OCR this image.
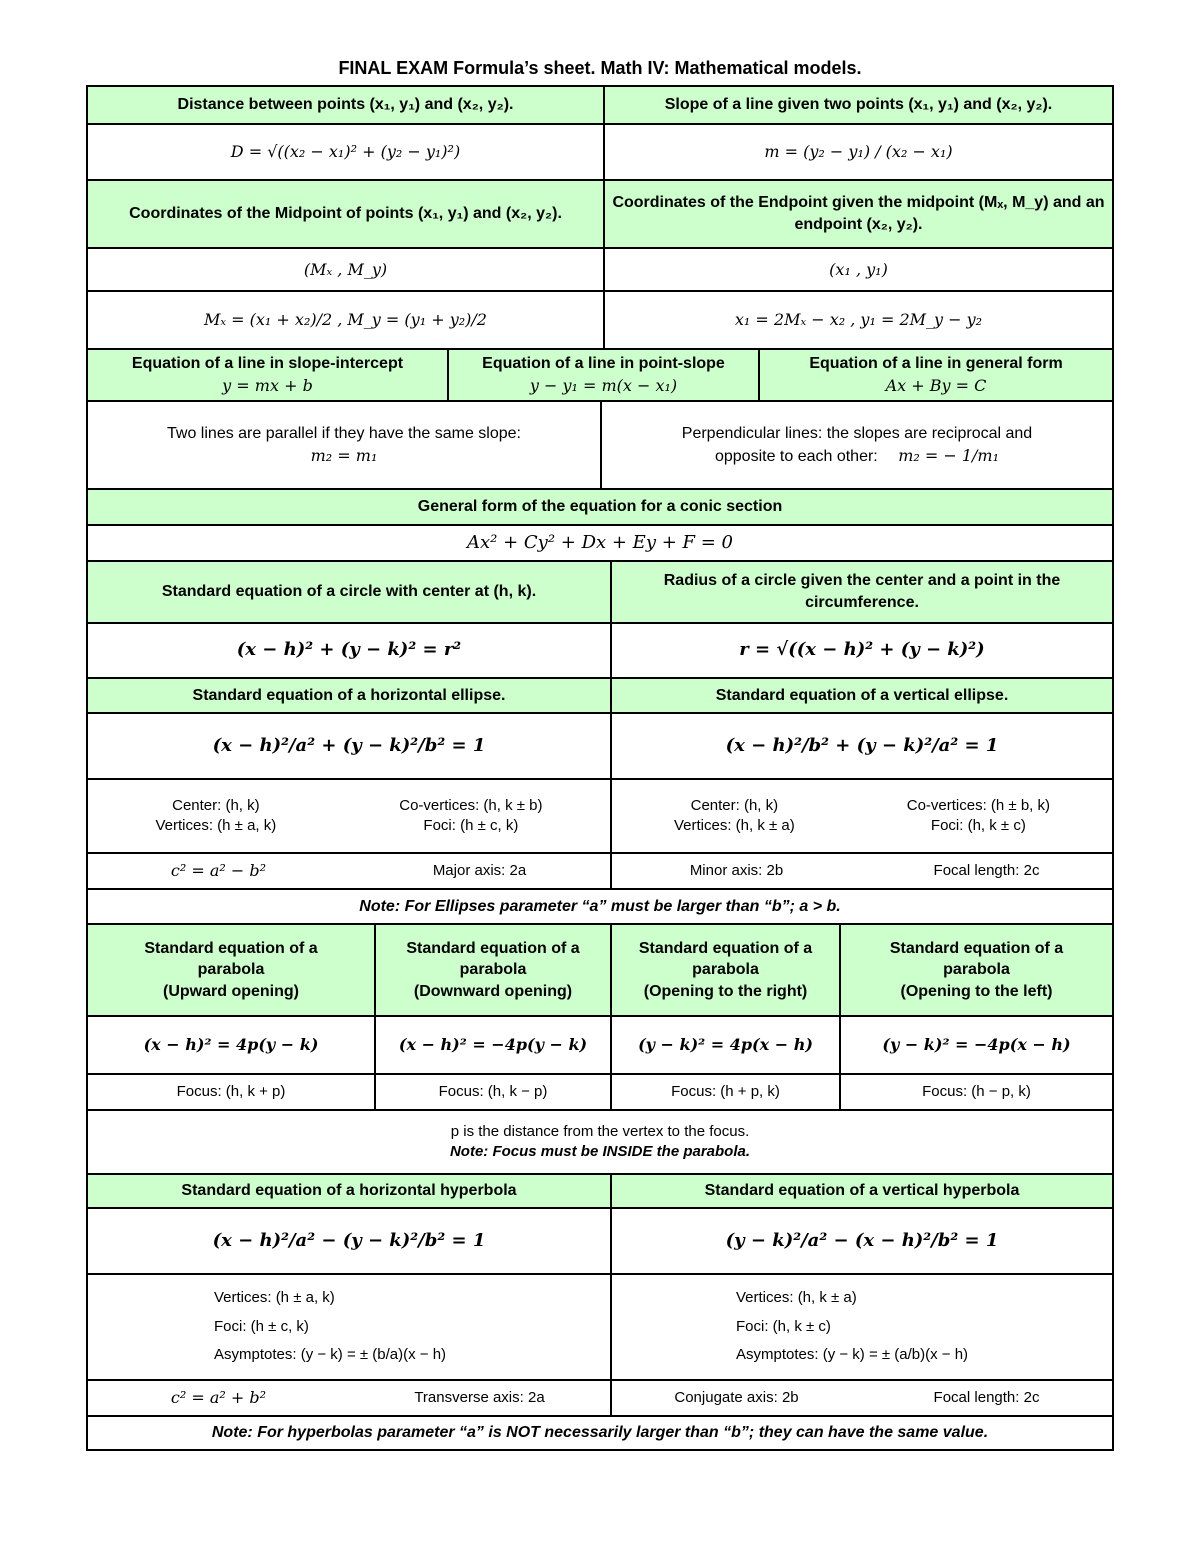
FINAL EXAM Formula’s sheet. Math IV: Mathematical models.
Distance between points (x₁, y₁) and (x₂, y₂).	Slope of a line given two points (x₁, y₁) and (x₂, y₂).
D = √((x₂ − x₁)² + (y₂ − y₁)²)	m = (y₂ − y₁) / (x₂ − x₁)
Coordinates of the Midpoint of points (x₁, y₁) and (x₂, y₂).
Coordinates of the Endpoint given the midpoint (Mₓ, M_y) and an endpoint (x₂, y₂).
(Mₓ , M_y)	(x₁ , y₁)
Mₓ = (x₁ + x₂)/2 , M_y = (y₁ + y₂)/2	x₁ = 2Mₓ − x₂ , y₁ = 2M_y − y₂
Equation of a line in slope-intercept
y = mx + b
Equation of a line in point-slope
y − y₁ = m(x − x₁)
Equation of a line in general form
Ax + By = C
Two lines are parallel if they have the same slope:
m₂ = m₁
Perpendicular lines: the slopes are reciprocal and
opposite to each other: m₂ = − 1/m₁
General form of the equation for a conic section
Ax² + Cy² + Dx + Ey + F = 0
Standard equation of a circle with center at (h, k).
Radius of a circle given the center and a point in the circumference.
(x − h)² + (y − k)² = r²	r = √((x − h)² + (y − k)²)
Standard equation of a horizontal ellipse.	Standard equation of a vertical ellipse.
(x − h)²/a² + (y − k)²/b² = 1	(x − h)²/b² + (y − k)²/a² = 1
Center: (h, k)
Vertices: (h ± a, k)
Co-vertices: (h, k ± b)
Foci: (h ± c, k)
Center: (h, k)
Vertices: (h, k ± a)
Co-vertices: (h ± b, k)
Foci: (h, k ± c)
c² = a² − b²	Major axis: 2a	Minor axis: 2b	Focal length: 2c
Note: For Ellipses parameter “a” must be larger than “b”; a > b.
Standard equation of a
parabola
(Upward opening)
Standard equation of a
parabola
(Downward opening)
Standard equation of a
parabola
(Opening to the right)
Standard equation of a
parabola
(Opening to the left)
(x − h)² = 4p(y − k)	(x − h)² = −4p(y − k)	(y − k)² = 4p(x − h)	(y − k)² = −4p(x − h)
Focus: (h, k + p)	Focus: (h, k − p)	Focus: (h + p, k)	Focus: (h − p, k)
p is the distance from the vertex to the focus.
Note: Focus must be INSIDE the parabola.
Standard equation of a horizontal hyperbola	Standard equation of a vertical hyperbola
(x − h)²/a² − (y − k)²/b² = 1	(y − k)²/a² − (x − h)²/b² = 1
Vertices: (h ± a, k)
Foci: (h ± c, k)
Asymptotes: (y − k) = ± (b/a)(x − h)
Vertices: (h, k ± a)
Foci: (h, k ± c)
Asymptotes: (y − k) = ± (a/b)(x − h)
c² = a² + b²	Transverse axis: 2a	Conjugate axis: 2b	Focal length: 2c
Note: For hyperbolas parameter “a” is NOT necessarily larger than “b”; they can have the same value.
